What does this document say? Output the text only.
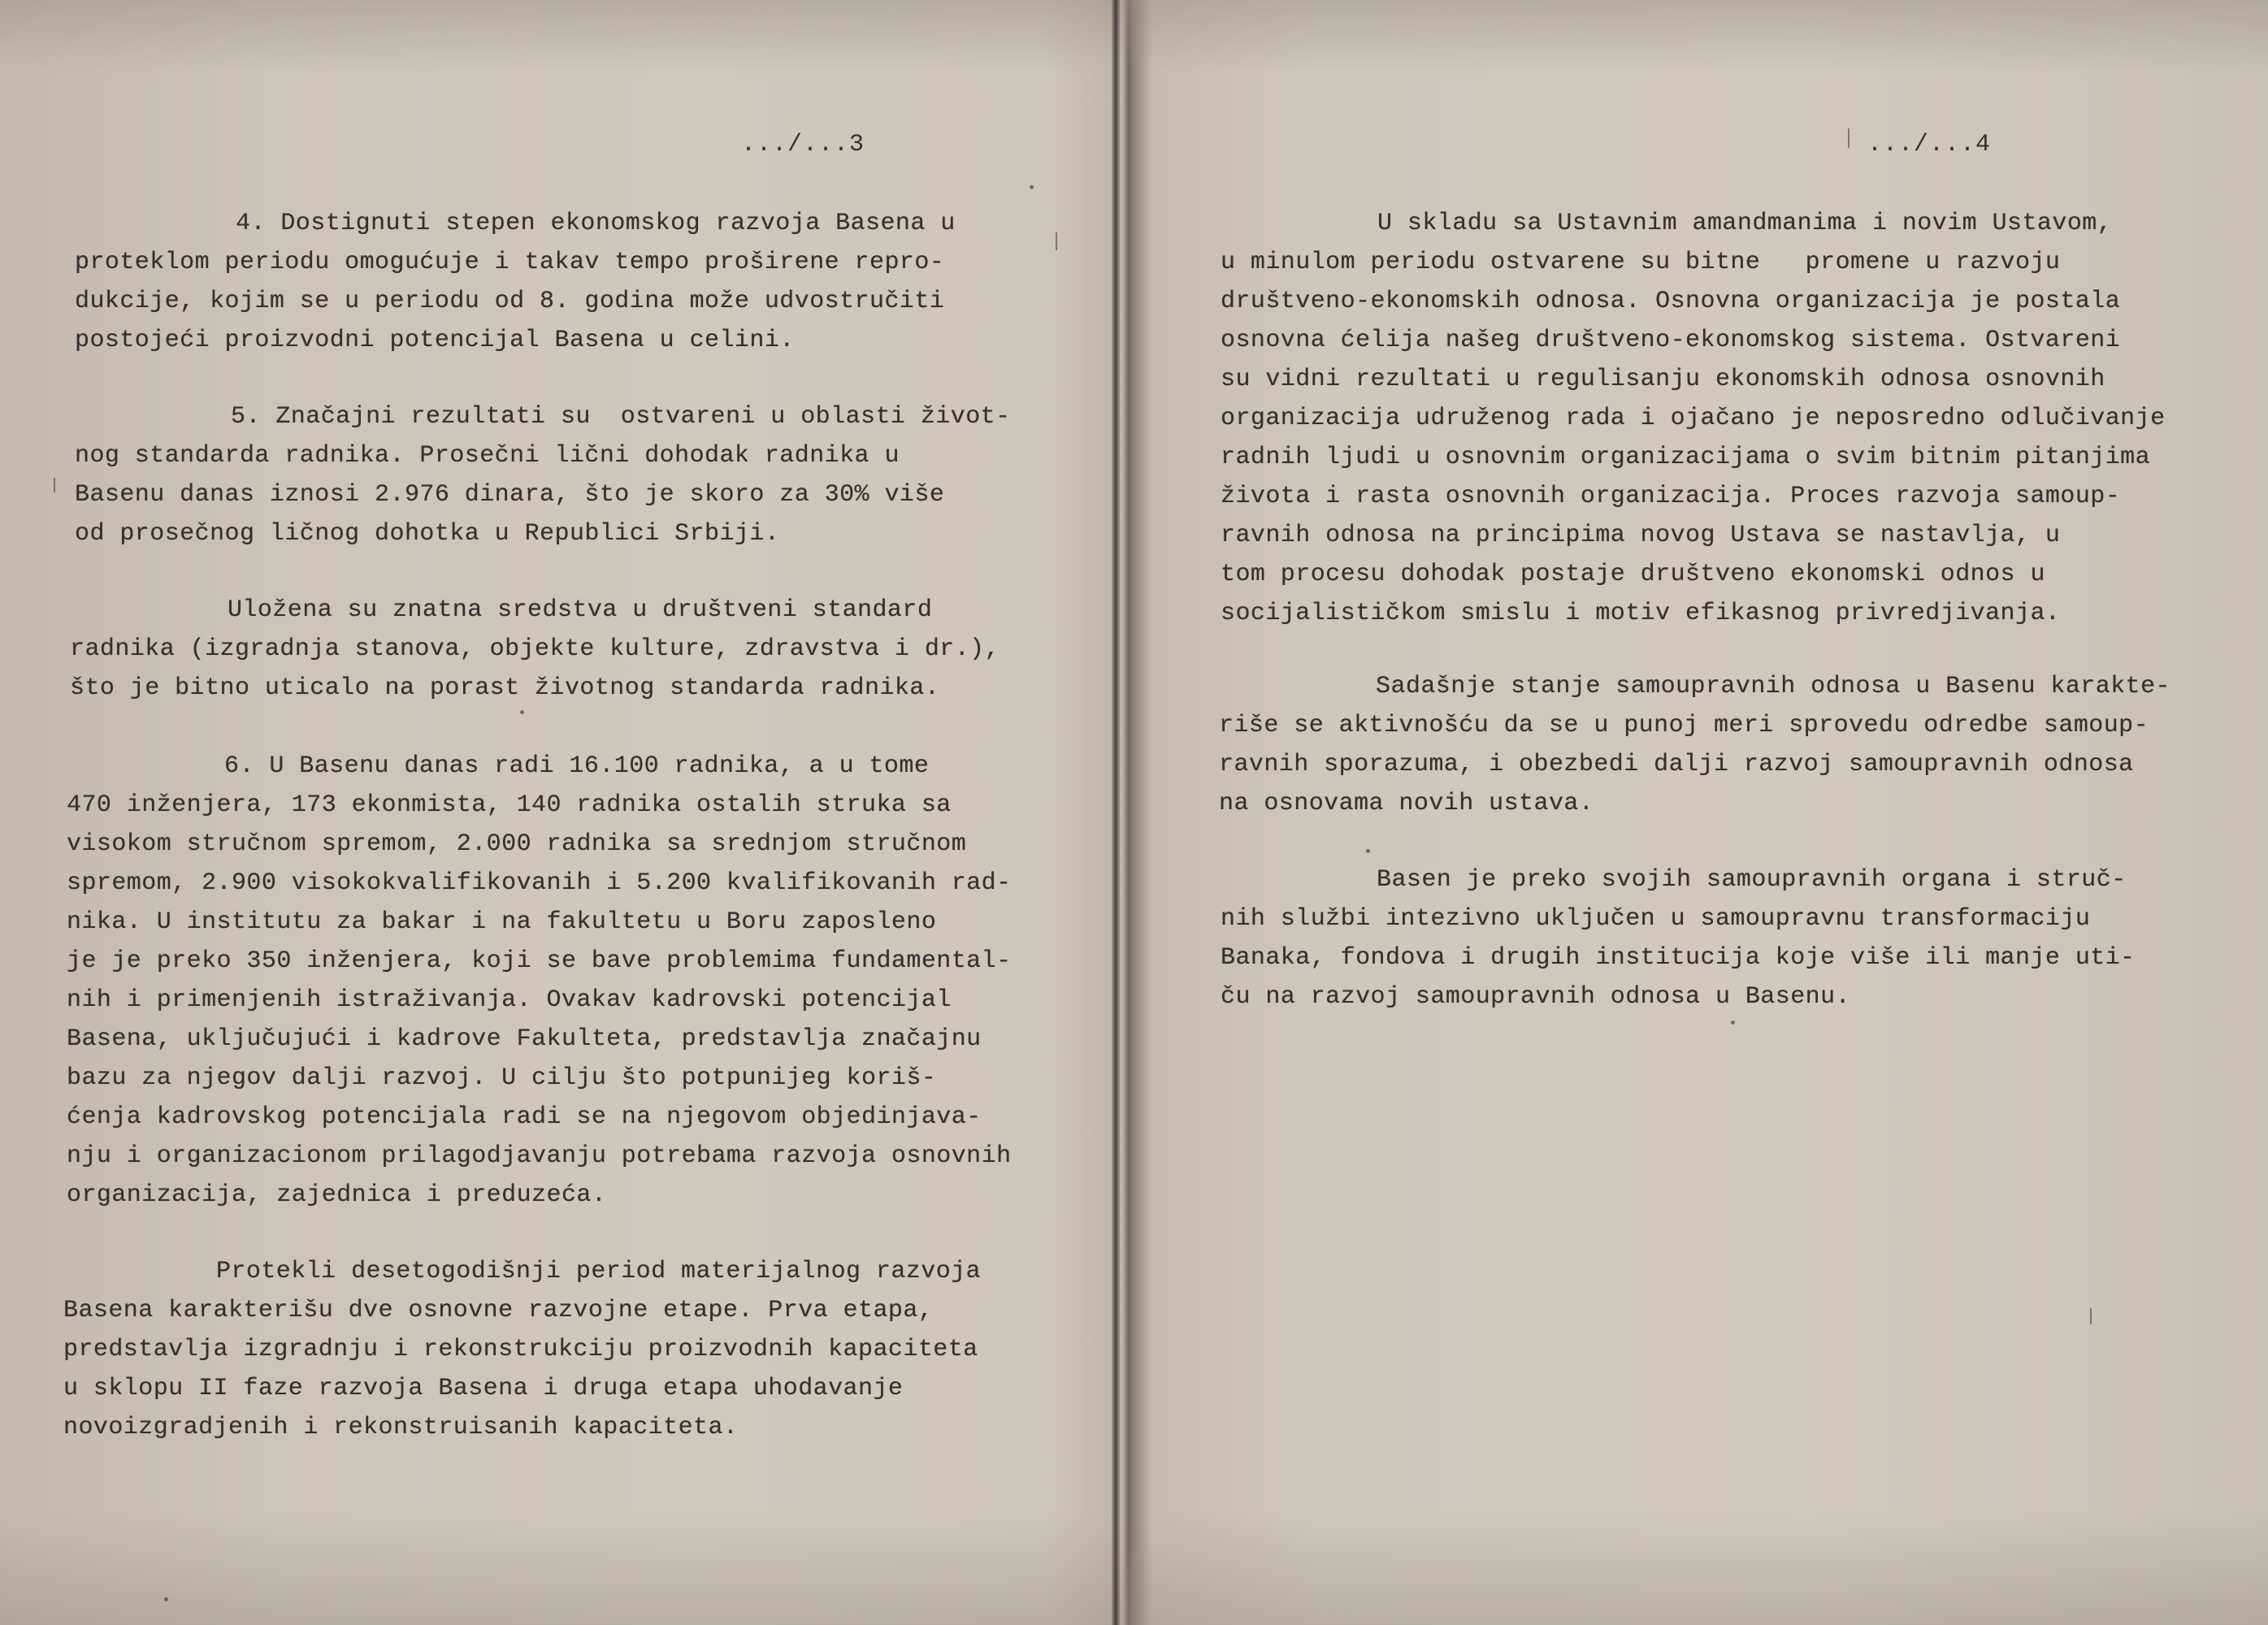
.../...3
4. Dostignuti stepen ekonomskog razvoja Basena u
proteklom periodu omogućuje i takav tempo proširene repro-
dukcije, kojim se u periodu od 8. godina može udvostručiti
postojeći proizvodni potencijal Basena u celini.
5. Značajni rezultati su  ostvareni u oblasti život-
nog standarda radnika. Prosečni lični dohodak radnika u
Basenu danas iznosi 2.976 dinara, što je skoro za 30% više
od prosečnog ličnog dohotka u Republici Srbiji.
Uložena su znatna sredstva u društveni standard
radnika (izgradnja stanova, objekte kulture, zdravstva i dr.),
što je bitno uticalo na porast životnog standarda radnika.
6. U Basenu danas radi 16.100 radnika, a u tome
470 inženjera, 173 ekonmista, 140 radnika ostalih struka sa
visokom stručnom spremom, 2.000 radnika sa srednjom stručnom
spremom, 2.900 visokokvalifikovanih i 5.200 kvalifikovanih rad-
nika. U institutu za bakar i na fakultetu u Boru zaposleno
je je preko 350 inženjera, koji se bave problemima fundamental-
nih i primenjenih istraživanja. Ovakav kadrovski potencijal
Basena, uključujući i kadrove Fakulteta, predstavlja značajnu
bazu za njegov dalji razvoj. U cilju što potpunijeg koriš-
ćenja kadrovskog potencijala radi se na njegovom objedinjava-
nju i organizacionom prilagodjavanju potrebama razvoja osnovnih
organizacija, zajednica i preduzeća.
Protekli desetogodišnji period materijalnog razvoja
Basena karakterišu dve osnovne razvojne etape. Prva etapa,
predstavlja izgradnju i rekonstrukciju proizvodnih kapaciteta
u sklopu II faze razvoja Basena i druga etapa uhodavanje
novoizgradjenih i rekonstruisanih kapaciteta.
.../...4
U skladu sa Ustavnim amandmanima i novim Ustavom,
u minulom periodu ostvarene su bitne   promene u razvoju
društveno-ekonomskih odnosa. Osnovna organizacija je postala
osnovna ćelija našeg društveno-ekonomskog sistema. Ostvareni
su vidni rezultati u regulisanju ekonomskih odnosa osnovnih
organizacija udruženog rada i ojačano je neposredno odlučivanje
radnih ljudi u osnovnim organizacijama o svim bitnim pitanjima
života i rasta osnovnih organizacija. Proces razvoja samoup-
ravnih odnosa na principima novog Ustava se nastavlja, u
tom procesu dohodak postaje društveno ekonomski odnos u
socijalističkom smislu i motiv efikasnog privredjivanja.
Sadašnje stanje samoupravnih odnosa u Basenu karakte-
riše se aktivnošću da se u punoj meri sprovedu odredbe samoup-
ravnih sporazuma, i obezbedi dalji razvoj samoupravnih odnosa
na osnovama novih ustava.
Basen je preko svojih samoupravnih organa i struč-
nih službi intezivno uključen u samoupravnu transformaciju
Banaka, fondova i drugih institucija koje više ili manje uti-
ču na razvoj samoupravnih odnosa u Basenu.
